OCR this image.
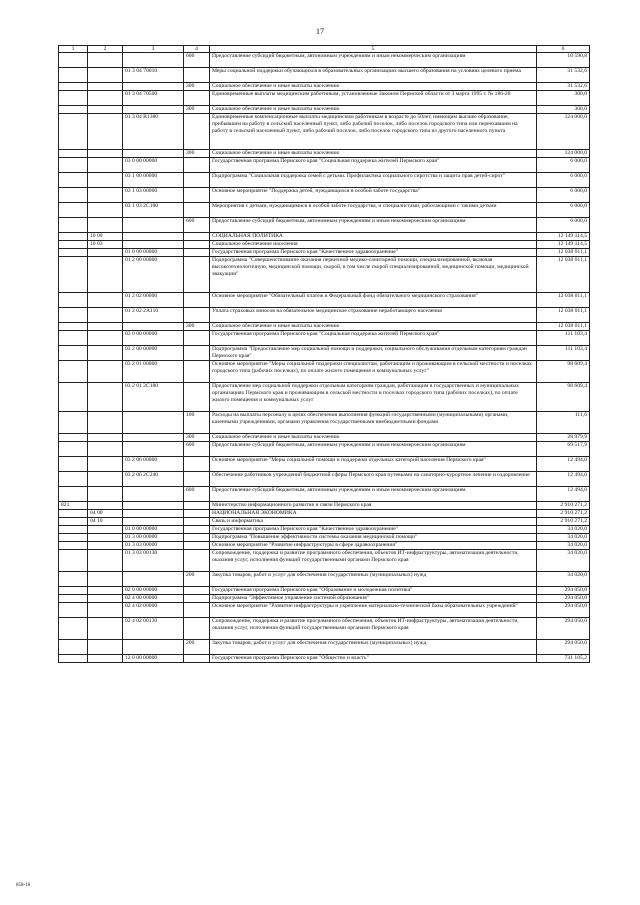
17
1	2	3	4	5	6
			600	Предоставление субсидий бюджетным, автономным учреждениям и иным некоммерческим организациям	10 590,8
		01 3 04 70010		Меры социальной поддержки обучающихся в образовательных организациях высшего образования на условиях целевого приема	31 532,6
			300	Социальное обеспечение и иные выплаты населению	31 532,6
		01 3 04 70500		Единовременные выплаты медицинским работникам, установленные Законом Пермской области от 3 марта 1995 г. № 186-28	300,0
			300	Социальное обеспечение и иные выплаты населению	300,0
		01 3 04 R1380		Единовременные компенсационные выплаты медицинским работникам в возрасте до 50лет, имеющим высшее образование, прибывшим на работу в сельский населенный пункт, либо рабочий поселок, либо поселок городского типа или переехавшим на работу в сельский населенный пункт, либо рабочий поселок, либо поселок городского типа из другого населенного пункта	124 000,0
			300	Социальное обеспечение и иные выплаты населению	124 000,0
		03 0 00 00000		Государственная программа Пермского края "Социальная поддержка жителей Пермского края"	6 000,0
		03 1 00 00000		Подпрограмма "Социальная поддержка семей с детьми. Профилактика социального сиротства и защита прав детей-сирот"	6 000,0
		03 1 03 00000		Основное мероприятие "Поддержка детей, нуждающихся в особой заботе государства"	6 000,0
		03 1 03 2C100		Мероприятия с детьми, нуждающимися в особой заботе государства, и специалистами, работающими с такими детьми	6 000,0
			600	Предоставление субсидий бюджетным, автономным учреждениям и иным некоммерческим организациям	6 000,0
	10 00			СОЦИАЛЬНАЯ ПОЛИТИКА	12 149 114,5
	10 03			Социальное обеспечение населения	12 149 114,5
		01 0 00 00000		Государственная программа Пермского края "Качественное здравоохранение"	12 038 011,1
		01 2 00 00000		Подпрограмма "Совершенствование оказания первичной медико-санитарной помощи, специализированной, включая высокотехнологичную, медицинской помощи, скорой, в том числе скорой специализированной, медицинской помощи, медицинской эвакуации"	12 038 011,1
		01 2 02 00000		Основное мероприятие "Обязательный платеж в Федеральный фонд обязательного медицинского страхования"	12 038 011,1
		01 2 02 2А110		Уплата страховых взносов на обязательное медицинское страхование неработающего населения	12 038 011,1
			300	Социальное обеспечение и иные выплаты населению	12 038 011,1
		03 0 00 00000		Государственная программа Пермского края "Социальная поддержка жителей Пермского края"	111 103,4
		03 2 00 00000		Подпрограмма "Предоставление мер социальной помощи и поддержки, социального обслуживания отдельным категориям граждан Пермского края"	111 103,4
		03 2 01 00000		Основное мероприятие "Меры социальной поддержки специалистам, работающим и проживающим в сельской местности и поселках городского типа (рабочих поселках), по оплате жилого помещения и коммунальных услуг"	98 609,4
		03 2 01 2С180		Предоставление мер социальной поддержки отдельным категориям граждан, работающим в государственных и муниципальных организациях Пермского края и проживающим в сельской местности и поселках городского типа (рабочих поселках), по оплате жилого помещения и коммунальных услуг	98 609,4
			100	Расходы на выплаты персоналу в целях обеспечения выполнения функций государственными (муниципальными) органами, казенными учреждениями, органами управления государственными внебюджетными фондами	111,6
			300	Социальное обеспечение и иные выплаты населению	28 979,9
			600	Предоставление субсидий бюджетным, автономным учреждениям и иным некоммерческим организациям	69 517,9
		03 2 06 00000		Основное мероприятие "Меры социальной помощи и поддержки отдельных категорий населения Пермского края"	12 494,0
		03 2 06 2C240		Обеспечение работников учреждений бюджетной сферы Пермского края путевками на санаторно-курортное лечение и оздоровление	12 494,0
			600	Предоставление субсидий бюджетным, автономным учреждениям и иным некоммерческим организациям	12 494,0
821				Министерство информационного развития и связи Пермского края	2 910 271,2
	04 00			НАЦИОНАЛЬНАЯ ЭКОНОМИКА	2 910 271,2
	04 10			Связь и информатика	2 910 271,2
		01 0 00 00000		Государственная программа Пермского края "Качественное здравоохранение"	34 020,0
		01 3 00 00000		Подпрограмма "Повышение эффективности системы оказания медицинской помощи"	34 020,0
		01 3 03 00000		Основное мероприятие "Развитие инфраструктуры в сфере здравоохранения"	34 020,0
		01 3 03 00130		Сопровождение, поддержка и развитие программного обеспечения, объектов ИТ-инфраструктуры, автоматизация деятельности, оказания услуг, исполнения функций государственными органами Пермского края	34 020,0
			200	Закупка товаров, работ и услуг для обеспечения государственных (муниципальных) нужд	34 020,0
		02 0 00 00000		Государственная программа Пермского края "Образование и молодежная политика"	294 050,0
		02 4 00 00000		Подпрограмма "Эффективное управление системой образования"	294 050,0
		02 4 02 00000		Основное мероприятие "Развитие инфраструктуры и укрепление материально-технической базы образовательных учреждений"	294 050,0
		02 4 02 00130		Сопровождение, поддержка и развитие программного обеспечения, объектов ИТ-инфраструктуры, автоматизация деятельности, оказания услуг, исполнения функций государственными органами Пермского края	294 050,0
			200	Закупка товаров, работ и услуг для обеспечения государственных (муниципальных) нужд	294 050,0
		12 0 00 00000		Государственная программа Пермского края "Общество и власть"	731 105,2
858-18
